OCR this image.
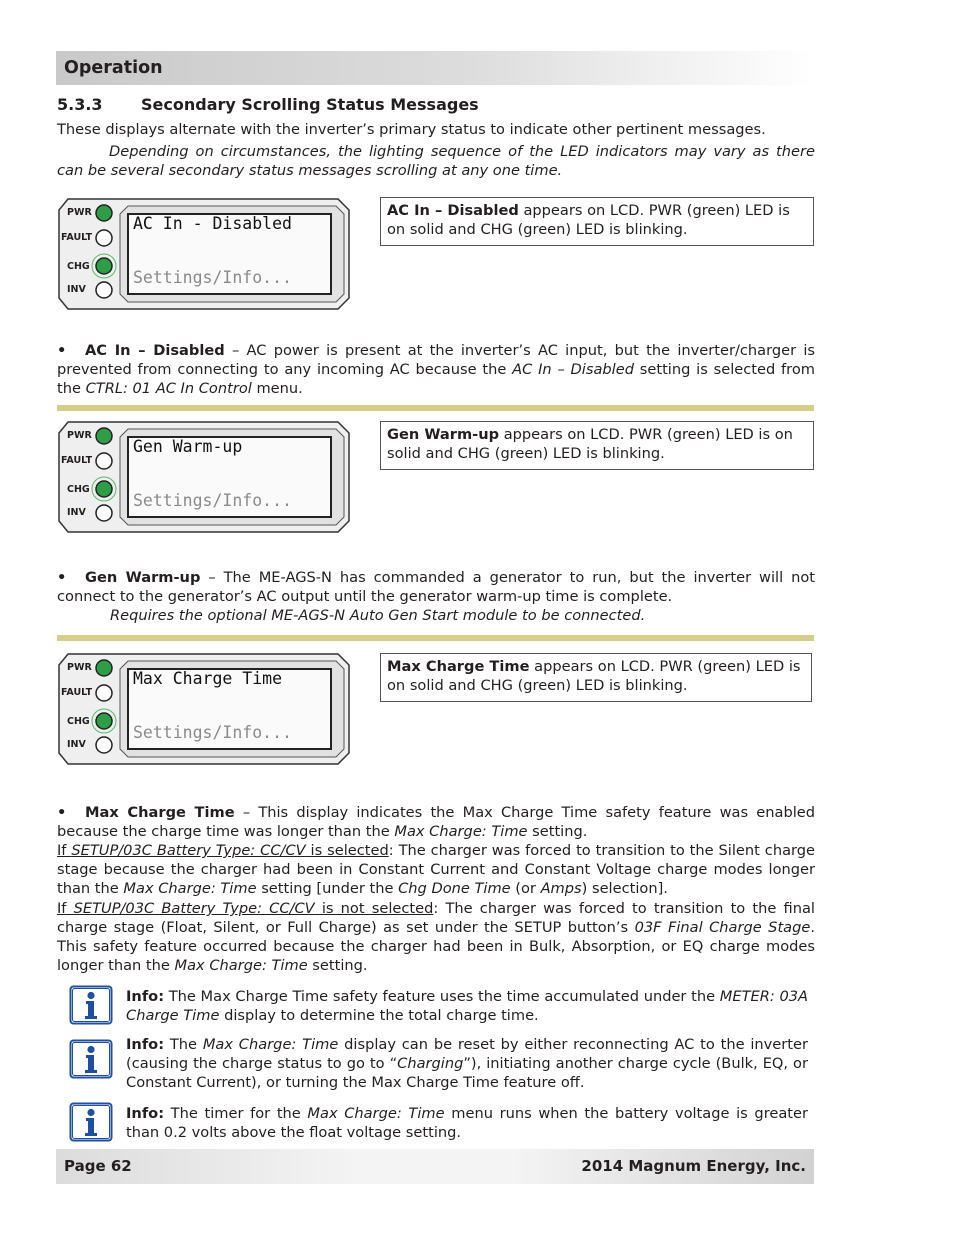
Operation
5.3.3 Secondary Scrolling Status Messages
These displays alternate with the inverter’s primary status to indicate other pertinent messages.
Depending on circumstances, the lighting sequence of the LED indicators may vary as there can be several secondary status messages scrolling at any one time.
PWR
FAULT
CHG
INV
AC In - Disabled
Settings/Info...
AC In – Disabled appears on LCD. PWR (green) LED is on solid and CHG (green) LED is blinking.
• AC In – Disabled – AC power is present at the inverter’s AC input, but the inverter/charger is prevented from connecting to any incoming AC because the AC In – Disabled setting is selected from the CTRL: 01 AC In Control menu.
PWR
FAULT
CHG
INV
Gen Warm-up
Settings/Info...
Gen Warm-up appears on LCD. PWR (green) LED is on solid and CHG (green) LED is blinking.
• Gen Warm-up – The ME-AGS-N has commanded a generator to run, but the inverter will not connect to the generator’s AC output until the generator warm-up time is complete.
Requires the optional ME-AGS-N Auto Gen Start module to be connected.
PWR
FAULT
CHG
INV
Max Charge Time
Settings/Info...
Max Charge Time appears on LCD. PWR (green) LED is on solid and CHG (green) LED is blinking.
• Max Charge Time – This display indicates the Max Charge Time safety feature was enabled because the charge time was longer than the Max Charge: Time setting.
If SETUP/03C Battery Type: CC/CV is selected: The charger was forced to transition to the Silent charge stage because the charger had been in Constant Current and Constant Voltage charge modes longer than the Max Charge: Time setting [under the Chg Done Time (or Amps) selection].
If SETUP/03C Battery Type: CC/CV is not selected: The charger was forced to transition to the final charge stage (Float, Silent, or Full Charge) as set under the SETUP button’s 03F Final Charge Stage. This safety feature occurred because the charger had been in Bulk, Absorption, or EQ charge modes longer than the Max Charge: Time setting.
Info: The Max Charge Time safety feature uses the time accumulated under the METER: 03A Charge Time display to determine the total charge time.
Info: The Max Charge: Time display can be reset by either reconnecting AC to the inverter (causing the charge status to go to “Charging”), initiating another charge cycle (Bulk, EQ, or Constant Current), or turning the Max Charge Time feature off.
Info: The timer for the Max Charge: Time menu runs when the battery voltage is greater than 0.2 volts above the float voltage setting.
Page 62	2014 Magnum Energy, Inc.
